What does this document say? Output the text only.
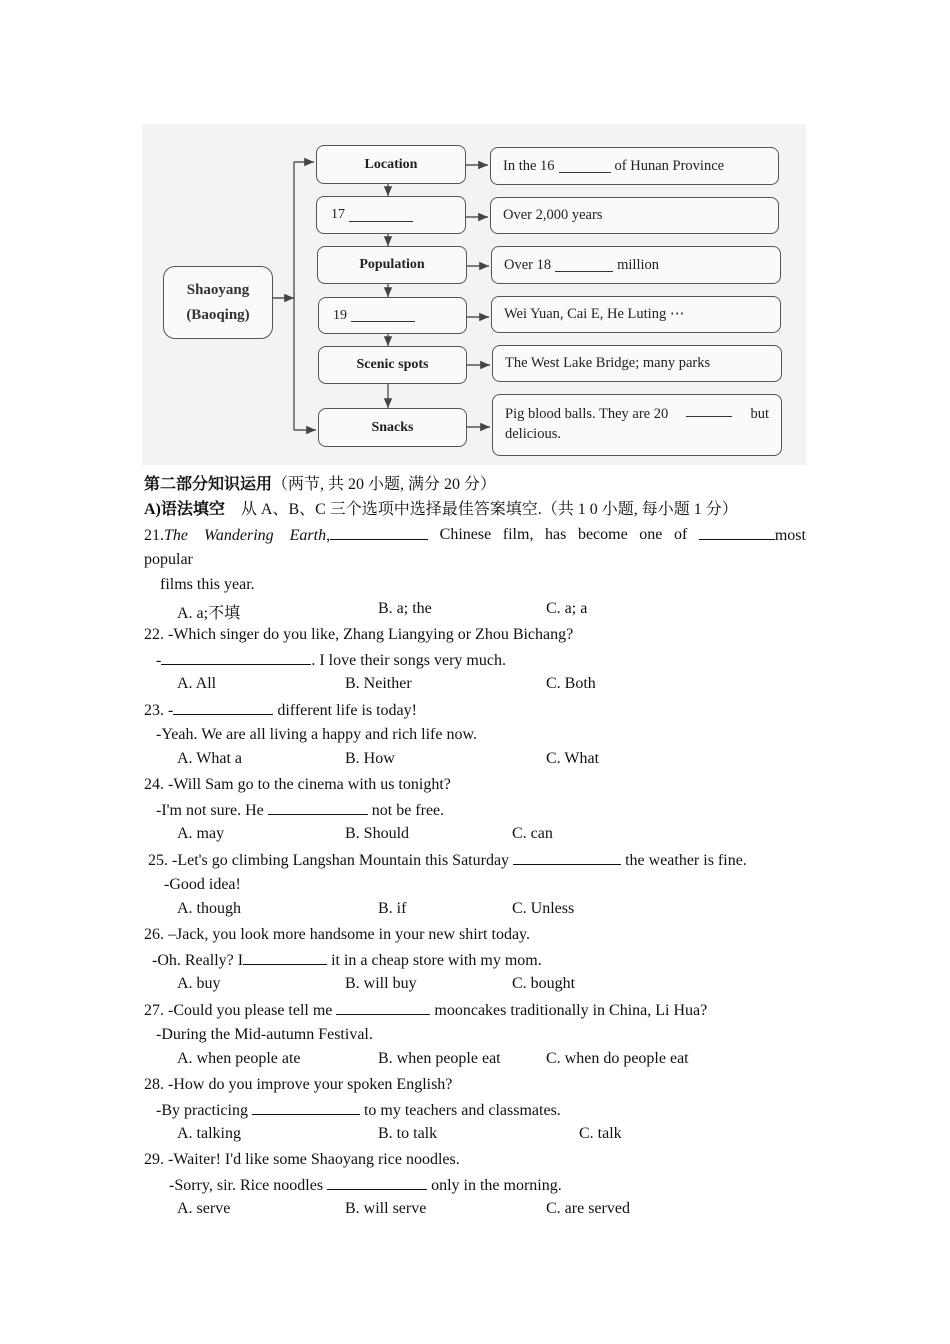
Shaoyang
(Baoqing)
Location
17
Population
19
Scenic spots
Snacks
In the 16	of Hunan Province
Over 2,000 years
Over 18	million
Wei Yuan, Cai E, He Luting ⋯
The West Lake Bridge; many parks
Pig blood balls. They are 20	but
delicious.
第二部分知识运用（两节, 共 20 小题, 满分 20 分）
A)语法填空 从 A、B、C 三个选项中选择最佳答案填空.（共 1 0 小题, 每小题 1 分）
21.The Wandering Earth,	Chinese film, has become one of	most
popular
films this year.
A. a;不填	B. a; the	C. a; a
22. -Which singer do you like, Zhang Liangying or Zhou Bichang?
-	. I love their songs very much.
A. All	B. Neither	C. Both
23. -	different life is today!
-Yeah. We are all living a happy and rich life now.
A. What a	B. How	C. What
24. -Will Sam go to the cinema with us tonight?
-I'm not sure. He	not be free.
A. may	B. Should	C. can
25. -Let's go climbing Langshan Mountain this Saturday	the weather is fine.
-Good idea!
A. though	B. if	C. Unless
26. –Jack, you look more handsome in your new shirt today.
-Oh. Really? I	it in a cheap store with my mom.
A. buy	B. will buy	C. bought
27. -Could you please tell me	mooncakes traditionally in China, Li Hua?
-During the Mid-autumn Festival.
A. when people ate	B. when people eat	C. when do people eat
28. -How do you improve your spoken English?
-By practicing	to my teachers and classmates.
A. talking	B. to talk	C. talk
29. -Waiter! I'd like some Shaoyang rice noodles.
-Sorry, sir. Rice noodles	only in the morning.
A. serve	B. will serve	C. are served
